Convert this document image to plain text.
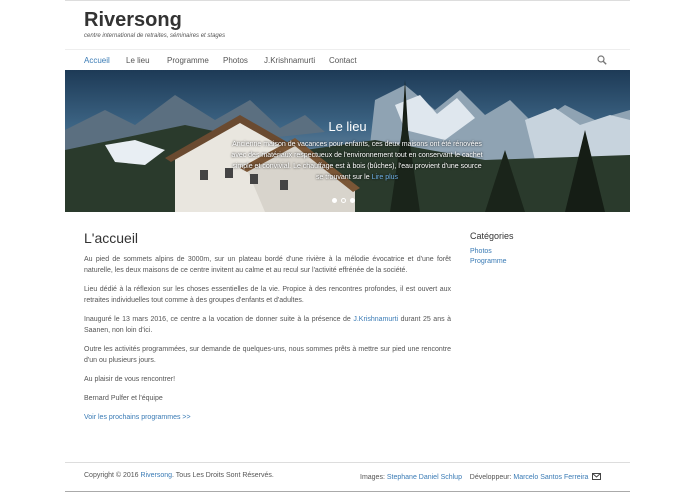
Riversong
centre international de retraites, séminaires et stages
Accueil Le lieu Programme Photos J.Krishnamurti Contact
Le lieu
Ancienne maison de vacances pour enfants, ces deux maisons ont été rénovées avec des matériaux respectueux de l'environnement tout en conservant le cachet simple et convivial. Le chauffage est à bois (bûches), l'eau provient d'une source se trouvant sur le Lire plus
L'accueil

Au pied de sommets alpins de 3000m, sur un plateau bordé d'une rivière à la mélodie évocatrice et d'une forêt naturelle, les deux maisons de ce centre invitent au calme et au recul sur l'activité effrénée de la société.

Lieu dédié à la réflexion sur les choses essentielles de la vie. Propice à des rencontres profondes, il est ouvert aux retraites individuelles tout comme à des groupes d'enfants et d'adultes.

Inauguré le 13 mars 2016, ce centre a la vocation de donner suite à la présence de J.Krishnamurti durant 25 ans à Saanen, non loin d'ici.

Outre les activités programmées, sur demande de quelques-uns, nous sommes prêts à mettre sur pied une rencontre d'un ou plusieurs jours.

Au plaisir de vous rencontrer!

Bernard Pulfer et l'équipe

Voir les prochains programmes >>

Catégories
Photos
Programme
Copyright © 2016 Riversong. Tous Les Droits Sont Réservés.	Images: Stephane Daniel Schlup Développeur: Marcelo Santos Ferreira
